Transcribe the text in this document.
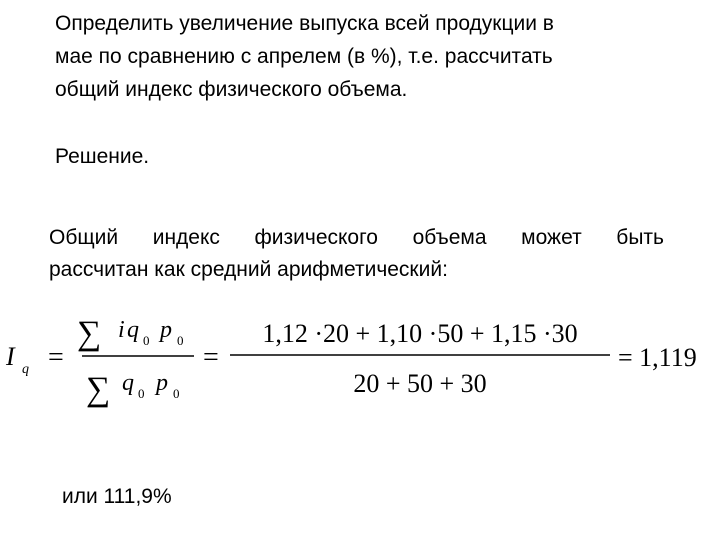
Определить увеличение выпуска всей продукции в
мае по сравнению с апрелем (в %), т.е. рассчитать
общий индекс физического объема.
Решение.
Общий индекс физического объема может быть
рассчитан как средний арифметический:
I q =
∑ i q 0 p 0
∑ q 0 p 0
=
1,12 ·20 + 1,10 ·50 + 1,15 ·30
20 + 50 + 30
= 1,119
или 111,9%
